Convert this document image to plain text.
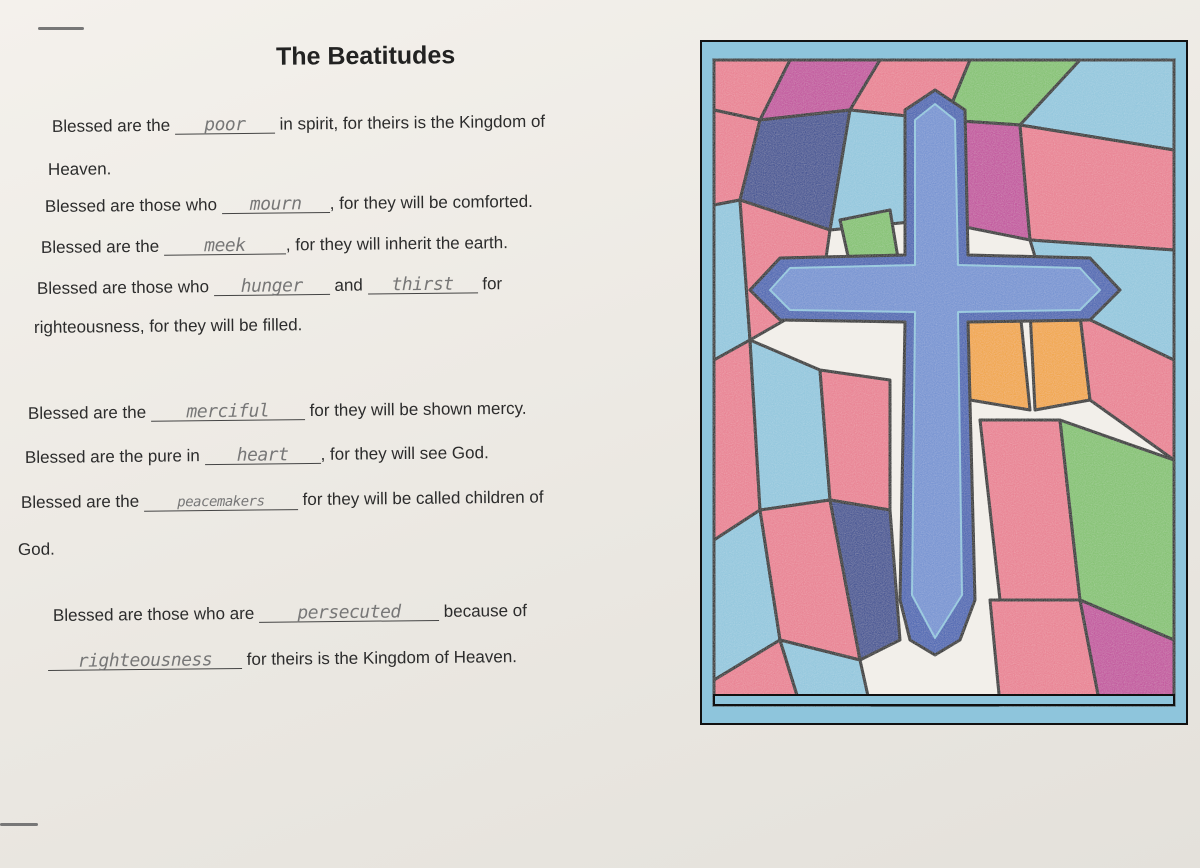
The Beatitudes
Blessed are the poor in spirit, for theirs is the Kingdom of
Heaven.
Blessed are those who mourn , for they will be comforted.
Blessed are the meek , for they will inherit the earth.
Blessed are those who hunger and thirst for
righteousness, for they will be filled.
Blessed are the merciful for they will be shown mercy.
Blessed are the pure in heart , for they will see God.
Blessed are the	peacemakers for they will be called children of
God.
Blessed are those who are persecuted	because of
righteousness for theirs is the Kingdom of Heaven.
